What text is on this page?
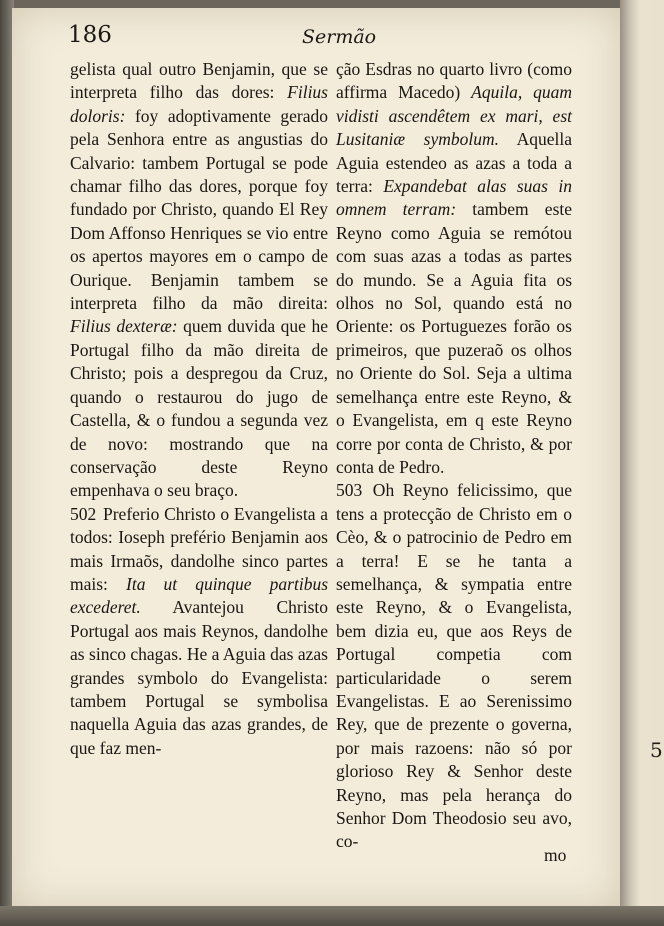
5
186	Sermão

gelista qual outro Benjamin, que se interpreta filho das dores: Filius doloris: foy adoptivamente gerado pela Senhora entre as angustias do Calvario: tambem Portugal se pode chamar filho das dores, porque foy fundado por Christo, quando El Rey Dom Affonso Henriques se vio entre os apertos mayores em o campo de Ourique. Benjamin tambem se interpreta filho da mão direita: Filius dexteræ: quem duvida que he Portugal filho da mão direita de Christo; pois a despregou da Cruz, quando o restaurou do jugo de Castella, & o fundou a segunda vez de novo: mostrando que na conservação deste Reyno empenhava o seu braço.

502 Preferio Christo o Evangelista a todos: Ioseph prefério Benjamin aos mais Irmaõs, dandolhe sinco partes mais: Ita ut quinque partibus excederet. Avantejou Christo Portugal aos mais Reynos, dandolhe as sinco chagas. He a Aguia das azas grandes symbolo do Evangelista: tambem Portugal se symbolisa naquella Aguia das azas grandes, de que faz men-

ção Esdras no quarto livro (como affirma Macedo) Aquila, quam vidisti ascendêtem ex mari, est Lusitaniæ symbolum. Aquella Aguia estendeo as azas a toda a terra: Expandebat alas suas in omnem terram: tambem este Reyno como Aguia se remótou com suas azas a todas as partes do mundo. Se a Aguia fita os olhos no Sol, quando está no Oriente: os Portuguezes forão os primeiros, que puzeraõ os olhos no Oriente do Sol. Seja a ultima semelhança entre este Reyno, & o Evangelista, em q este Reyno corre por conta de Christo, & por conta de Pedro.

503 Oh Reyno felicissimo, que tens a protecção de Christo em o Cèo, & o patrocinio de Pedro em a terra! E se he tanta a semelhança, & sympatia entre este Reyno, & o Evangelista, bem dizia eu, que aos Reys de Portugal competia com particularidade o serem Evangelistas. E ao Serenissimo Rey, que de prezente o governa, por mais razoens: não só por glorioso Rey & Senhor deste Reyno, mas pela herança do Senhor Dom Theodosio seu avo, co-

mo
